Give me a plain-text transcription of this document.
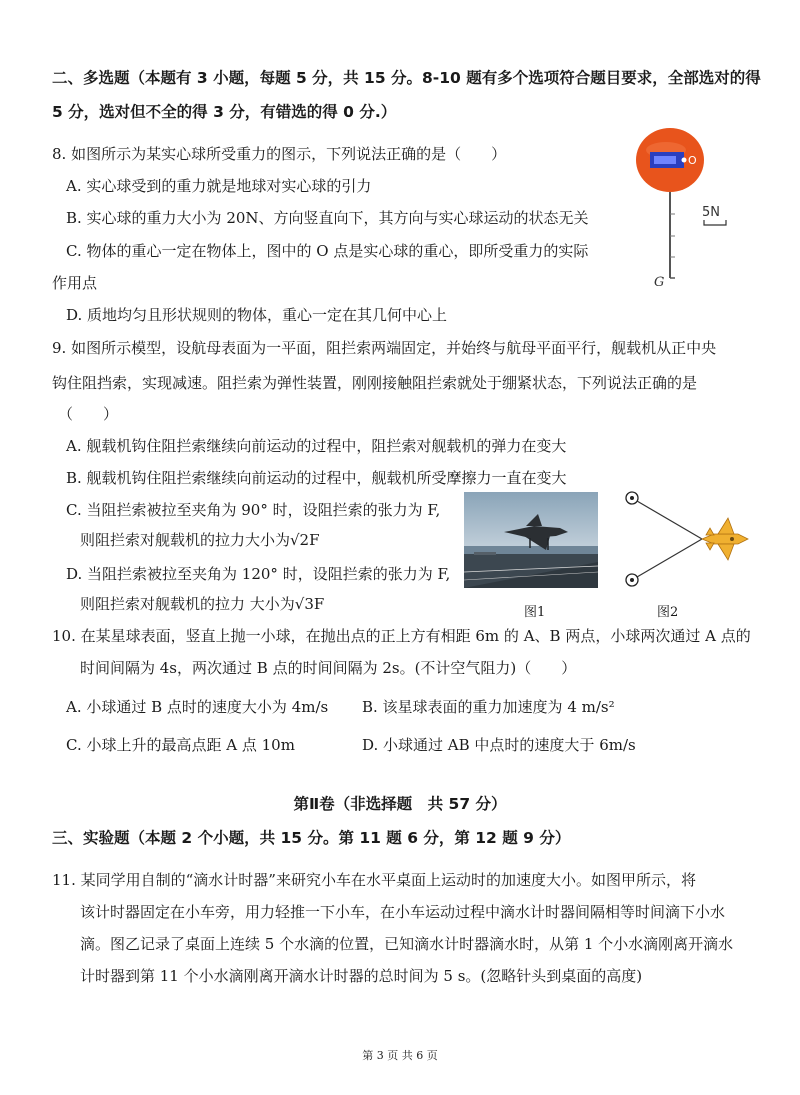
二、多选题（本题有 3 小题，每题 5 分，共 15 分。8-10 题有多个选项符合题目要求，全部选对的得
5 分，选对但不全的得 3 分，有错选的得 0 分.）
8. 如图所示为某实心球所受重力的图示，下列说法正确的是（　　）
A. 实心球受到的重力就是地球对实心球的引力
B. 实心球的重力大小为 20N、方向竖直向下，其方向与实心球运动的状态无关
C. 物体的重心一定在物体上，图中的 O 点是实心球的重心，即所受重力的实际
作用点
D. 质地均匀且形状规则的物体，重心一定在其几何中心上
O
G
5N
9. 如图所示模型，设航母表面为一平面，阻拦索两端固定，并始终与航母平面平行，舰载机从正中央
钩住阻挡索，实现减速。阻拦索为弹性装置，刚刚接触阻拦索就处于绷紧状态，下列说法正确的是
（　　）
A. 舰载机钩住阻拦索继续向前运动的过程中，阻拦索对舰载机的弹力在变大
B. 舰载机钩住阻拦索继续向前运动的过程中，舰载机所受摩擦力一直在变大
C. 当阻拦索被拉至夹角为 90° 时，设阻拦索的张力为 F,
则阻拦索对舰载机的拉力大小为√2F
D. 当阻拦索被拉至夹角为 120° 时，设阻拦索的张力为 F,
则阻拦索对舰载机的拉力 大小为√3F	图1	图2
10. 在某星球表面，竖直上抛一小球，在抛出点的正上方有相距 6m 的 A、B 两点，小球两次通过 A 点的
时间间隔为 4s，两次通过 B 点的时间间隔为 2s。(不计空气阻力)（　　）
A. 小球通过 B 点时的速度大小为 4m/s B. 该星球表面的重力加速度为 4 m/s²
C. 小球上升的最高点距 A 点 10m	D. 小球通过 AB 中点时的速度大于 6m/s
第Ⅱ卷（非选择题　共 57 分）
三、实验题（本题 2 个小题，共 15 分。第 11 题 6 分，第 12 题 9 分）
11. 某同学用自制的“滴水计时器”来研究小车在水平桌面上运动时的加速度大小。如图甲所示，将
该计时器固定在小车旁，用力轻推一下小车，在小车运动过程中滴水计时器间隔相等时间滴下小水
滴。图乙记录了桌面上连续 5 个水滴的位置，已知滴水计时器滴水时，从第 1 个小水滴刚离开滴水
计时器到第 11 个小水滴刚离开滴水计时器的总时间为 5 s。(忽略针头到桌面的高度)
第 3 页 共 6 页
